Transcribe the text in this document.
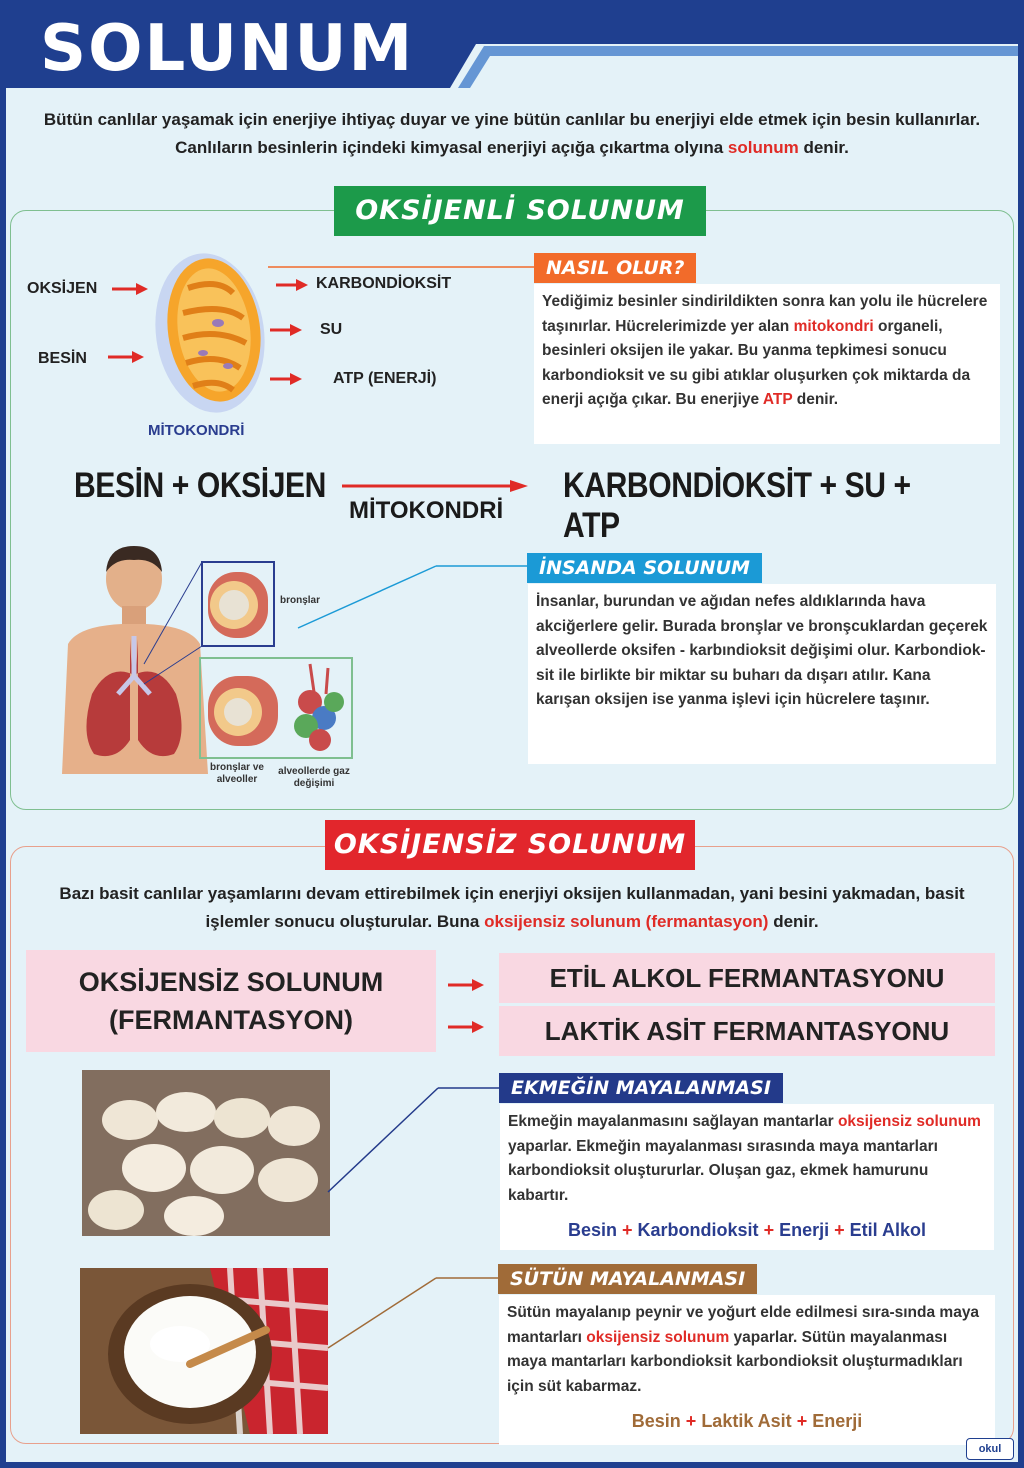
SOLUNUM
Bütün canlılar yaşamak için enerjiye ihtiyaç duyar ve yine bütün canlılar bu enerjiyi elde etmek için besin kullanırlar. Canlıların besinlerin içindeki kimyasal enerjiyi açığa çıkartma olyına solunum denir.
OKSİJENLİ SOLUNUM
OKSİJEN
BESİN
MİTOKONDRİ
KARBONDİOKSİT
SU
ATP (ENERJİ)
NASIL OLUR?
Yediğimiz besinler sindirildikten sonra kan yolu ile hücrelere taşınırlar. Hücrelerimizde yer alan mitokondri organeli, besinleri oksijen ile yakar. Bu yanma tepkimesi sonucu karbondioksit ve su gibi atıklar oluşurken çok miktarda da enerji açığa çıkar. Bu enerjiye ATP denir.
BESİN + OKSİJEN
MİTOKONDRİ
KARBONDİOKSİT + SU + ATP
bronşlar
bronşlar ve alveoller
alveollerde gaz değişimi
İNSANDA SOLUNUM
İnsanlar, burundan ve ağıdan nefes aldıklarında hava akciğerlere gelir. Burada bronşlar ve bronşcuklardan geçerek alveollerde oksifen - karbındioksit değişimi olur. Karbondiok-sit ile birlikte bir miktar su buharı da dışarı atılır. Kana karışan oksijen ise yanma işlevi için hücrelere taşınır.
OKSİJENSİZ SOLUNUM
Bazı basit canlılar yaşamlarını devam ettirebilmek için enerjiyi oksijen kullanmadan, yani besini yakmadan, basit işlemler sonucu oluşturular. Buna oksijensiz solunum (fermantasyon) denir.
OKSİJENSİZ SOLUNUM
(FERMANTASYON)
ETİL ALKOL FERMANTASYONU
LAKTİK ASİT FERMANTASYONU
EKMEĞİN MAYALANMASI
Ekmeğin mayalanmasını sağlayan mantarlar oksijensiz solunum yaparlar. Ekmeğin mayalanması sırasında maya mantarları karbondioksit oluştururlar. Oluşan gaz, ekmek hamurunu kabartır.
Besin + Karbondioksit + Enerji + Etil Alkol
SÜTÜN MAYALANMASI
Sütün mayalanıp peynir ve yoğurt elde edilmesi sıra-sında maya mantarları oksijensiz solunum yaparlar. Sütün mayalanması maya mantarları karbondioksit karbondioksit oluşturmadıkları için süt kabarmaz.
Besin + Laktik Asit + Enerji
okul
